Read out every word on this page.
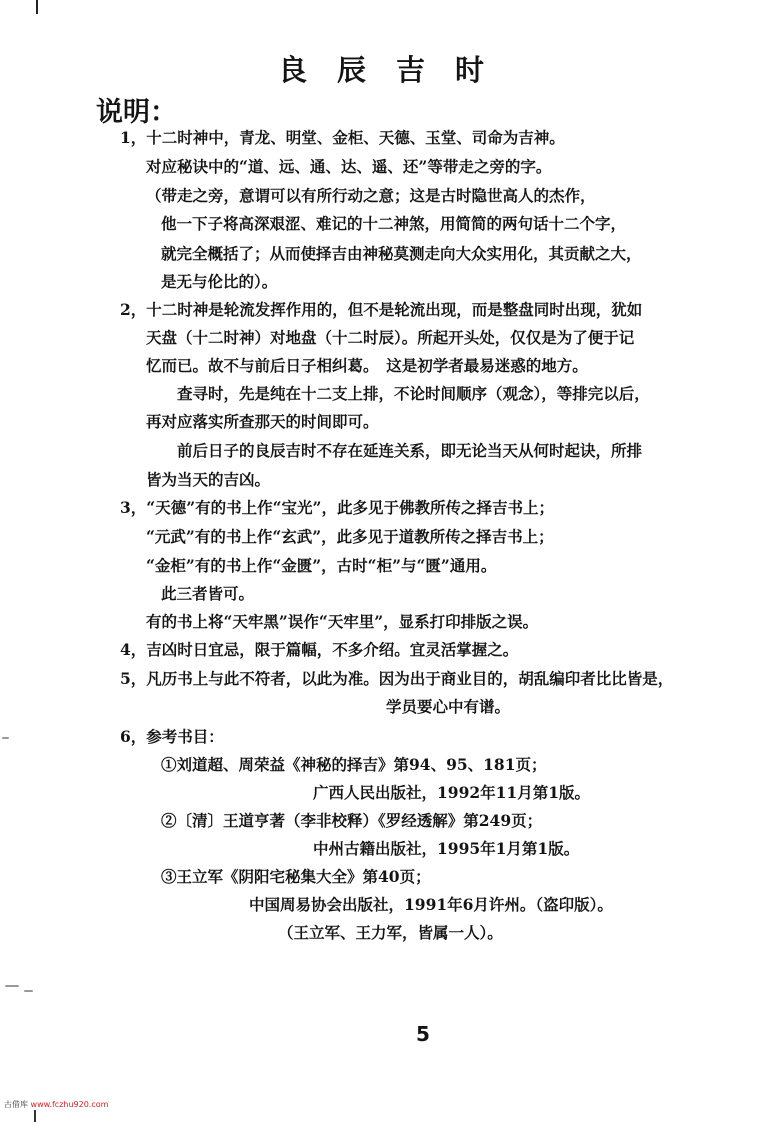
良辰吉时
说明：
1，十二时神中，青龙、明堂、金柜、天德、玉堂、司命为吉神。
对应秘诀中的“道、远、通、达、遥、还”等带走之旁的字。
（带走之旁，意谓可以有所行动之意；这是古时隐世高人的杰作，
他一下子将高深艰涩、难记的十二神煞，用简简的两句话十二个字，
就完全概括了；从而使择吉由神秘莫测走向大众实用化，其贡献之大，
是无与伦比的）。
2，十二时神是轮流发挥作用的，但不是轮流出现，而是整盘同时出现，犹如
天盘（十二时神）对地盘（十二时辰）。所起开头处，仅仅是为了便于记
忆而已。故不与前后日子相纠葛。　这是初学者最易迷惑的地方。
查寻时，先是纯在十二支上排，不论时间顺序（观念），等排完以后，
再对应落实所查那天的时间即可。
前后日子的良辰吉时不存在延连关系，即无论当天从何时起诀，所排
皆为当天的吉凶。
3，“天德”有的书上作“宝光”，此多见于佛教所传之择吉书上；
“元武”有的书上作“玄武”，此多见于道教所传之择吉书上；
“金柜”有的书上作“金匮”，古时“柜”与“匮”通用。
此三者皆可。
有的书上将“天牢黑”误作“天牢里”，显系打印排版之误。
4，吉凶时日宜忌，限于篇幅，不多介绍。宜灵活掌握之。
5，凡历书上与此不符者，以此为准。因为出于商业目的，胡乱编印者比比皆是，
学员要心中有谱。
6，参考书目：
①刘道超、周荣益《神秘的择吉》第94、95、181页；
广西人民出版社，1992年11月第1版。
②〔清〕王道亨著（李非校释）《罗经透解》第249页；
中州古籍出版社，1995年1月第1版。
③王立军《阴阳宅秘集大全》第40页；
中国周易协会出版社，1991年6月许州。（盗印版）。
（王立军、王力军，皆属一人）。
5
古借库 www.fczhu920.com
